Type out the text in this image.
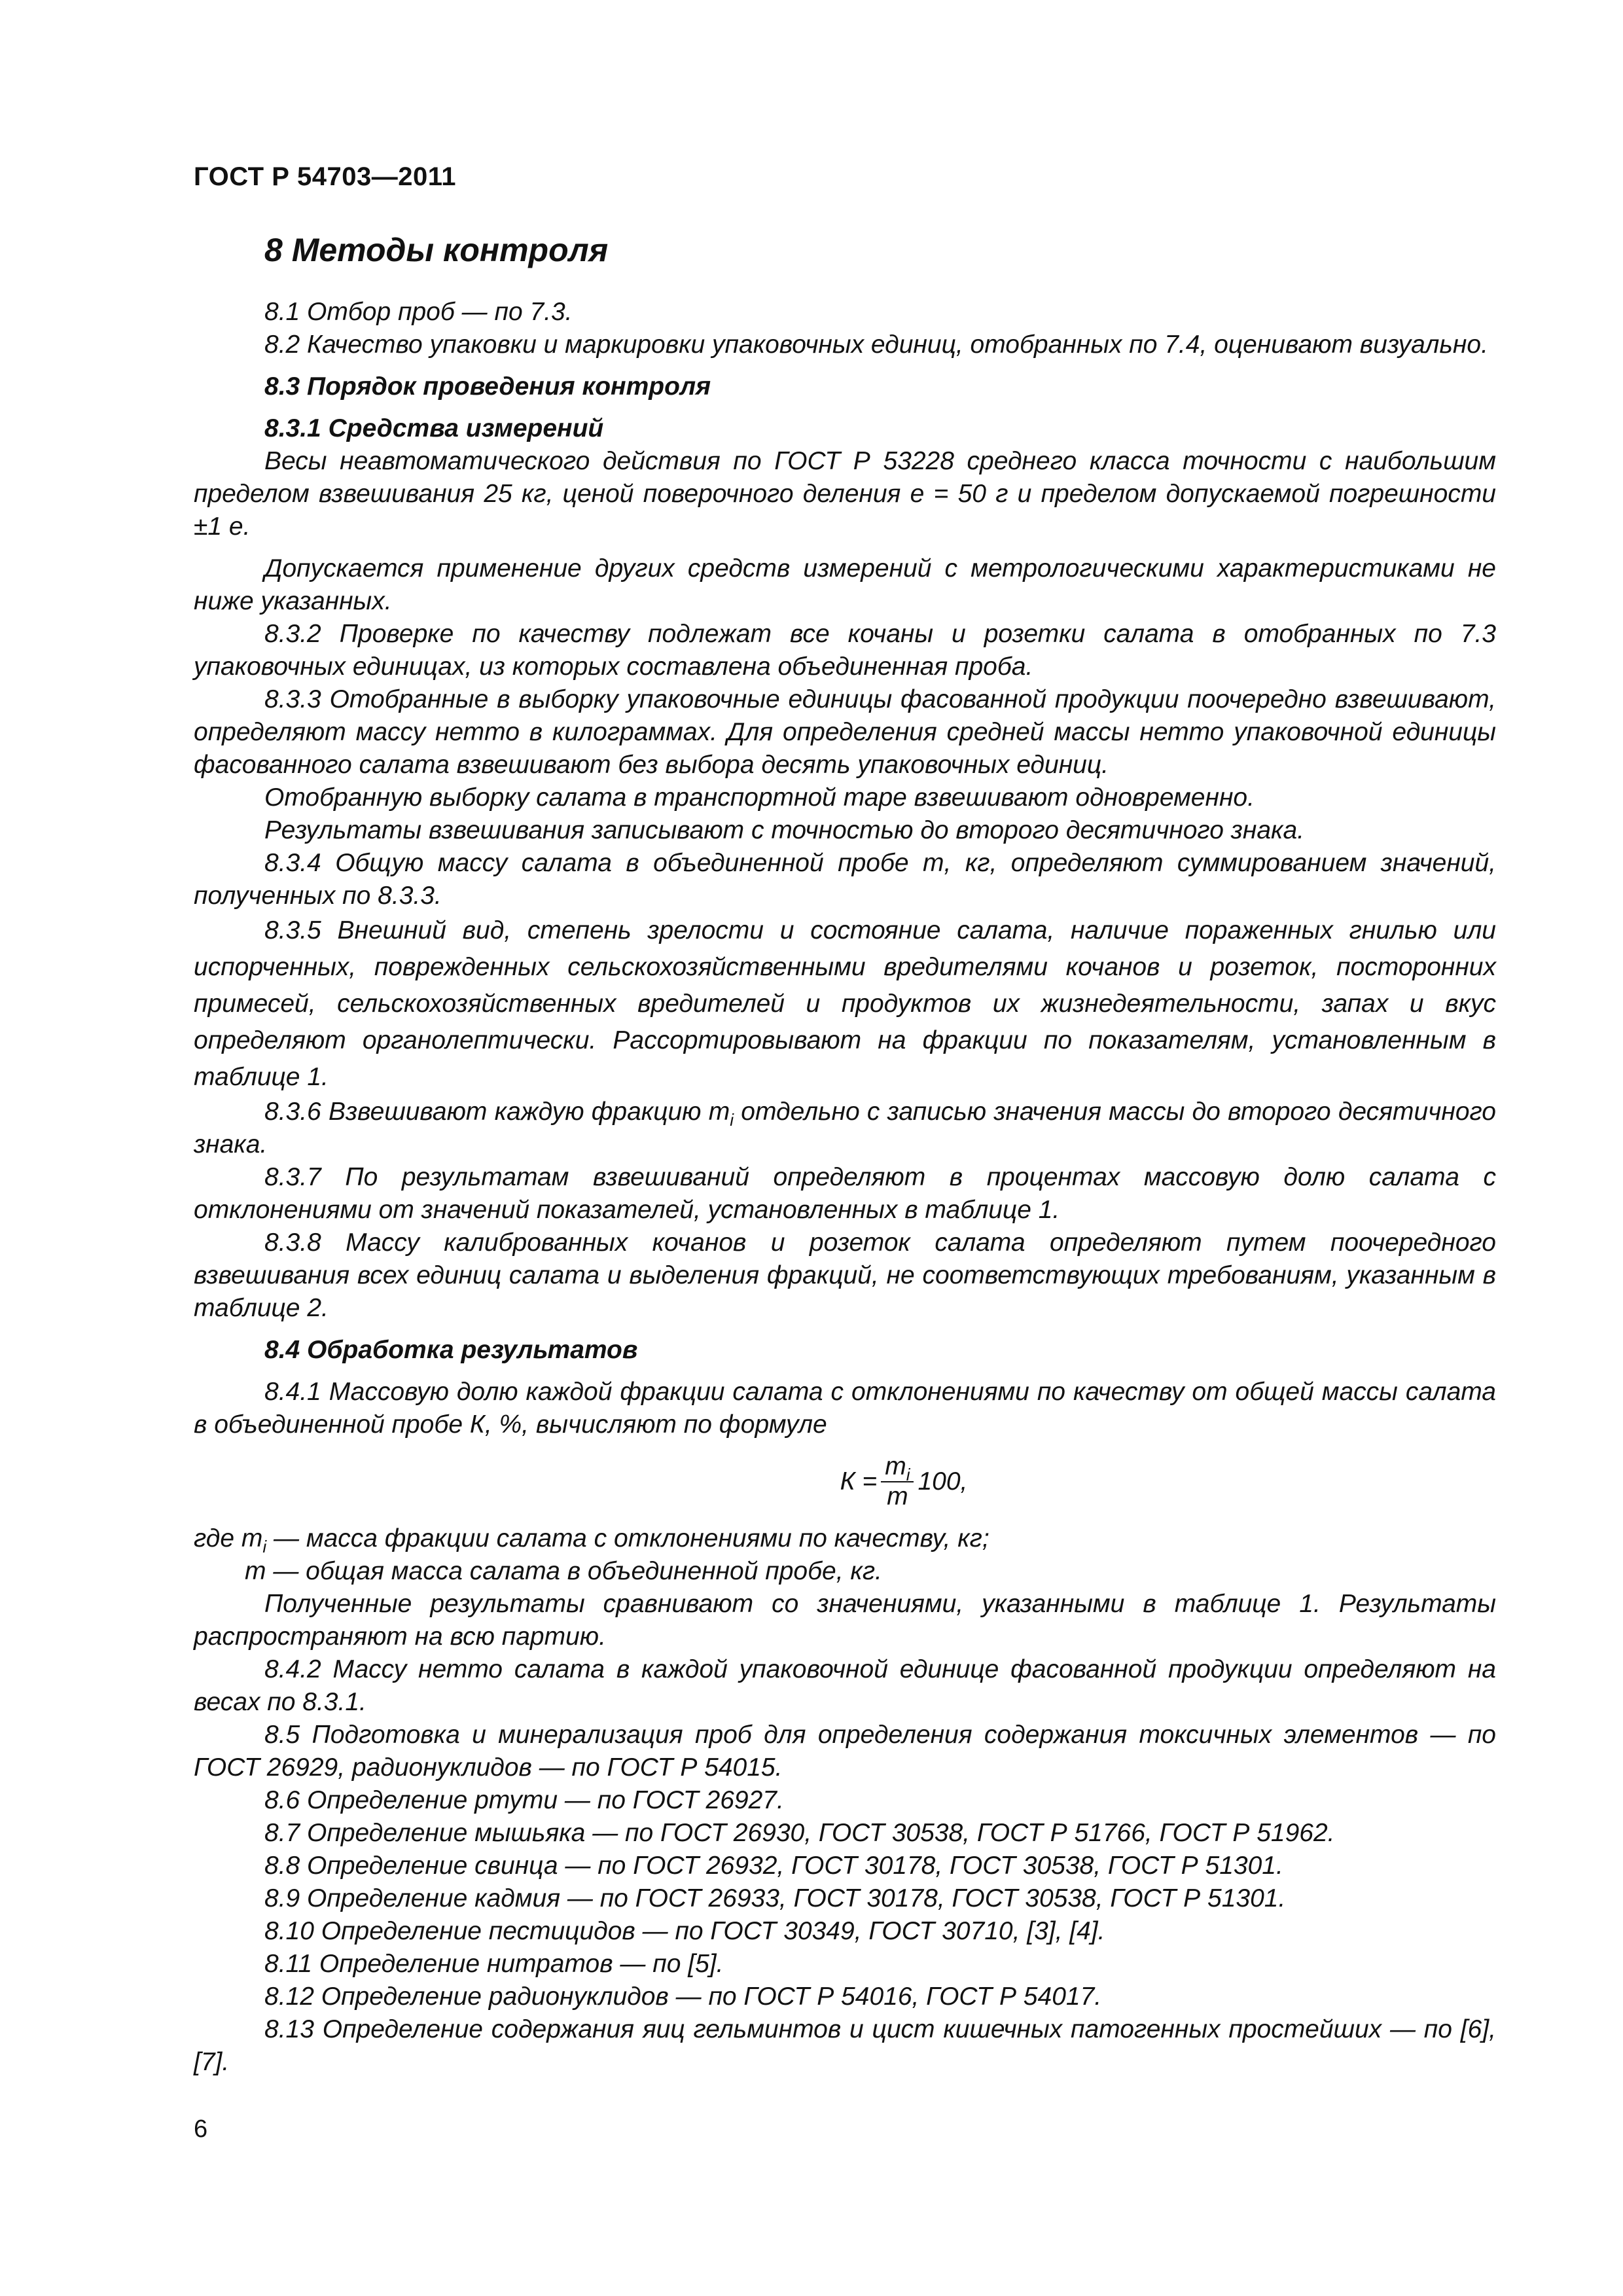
ГОСТ Р 54703—2011

8 Методы контроля

8.1 Отбор проб — по 7.3.

8.2 Качество упаковки и маркировки упаковочных единиц, отобранных по 7.4, оценивают визуально.

8.3 Порядок проведения контроля

8.3.1 Средства измерений

Весы неавтоматического действия по ГОСТ Р 53228 среднего класса точности с наибольшим пределом взвешивания 25 кг, ценой поверочного деления е = 50 г и пределом допускаемой погрешности ±1 е.

Допускается применение других средств измерений с метрологическими характеристиками не ниже указанных.

8.3.2 Проверке по качеству подлежат все кочаны и розетки салата в отобранных по 7.3 упаковочных единицах, из которых составлена объединенная проба.

8.3.3 Отобранные в выборку упаковочные единицы фасованной продукции поочередно взвешивают, определяют массу нетто в килограммах. Для определения средней массы нетто упаковочной единицы фасованного салата взвешивают без выбора десять упаковочных единиц.

Отобранную выборку салата в транспортной таре взвешивают одновременно.

Результаты взвешивания записывают с точностью до второго десятичного знака.

8.3.4 Общую массу салата в объединенной пробе m, кг, определяют суммированием значений, полученных по 8.3.3.

8.3.5 Внешний вид, степень зрелости и состояние салата, наличие пораженных гнилью или испорченных, поврежденных сельскохозяйственными вредителями кочанов и розеток, посторонних примесей, сельскохозяйственных вредителей и продуктов их жизнедеятельности, запах и вкус определяют органолептически. Рассортировывают на фракции по показателям, установленным в таблице 1.

8.3.6 Взвешивают каждую фракцию $m_i$ отдельно с записью значения массы до второго десятичного знака.

8.3.7 По результатам взвешиваний определяют в процентах массовую долю салата с отклонениями от значений показателей, установленных в таблице 1.

8.3.8 Массу калиброванных кочанов и розеток салата определяют путем поочередного взвешивания всех единиц салата и выделения фракций, не соответствующих требованиям, указанным в таблице 2.

8.4 Обработка результатов

8.4.1 Массовую долю каждой фракции салата с отклонениями по качеству от общей массы салата в объединенной пробе К, %, вычисляют по формуле

$К = \frac{m_i}{m} 100$,

где $m_i$ — масса фракции салата с отклонениями по качеству, кг;

m — общая масса салата в объединенной пробе, кг.

Полученные результаты сравнивают со значениями, указанными в таблице 1. Результаты распространяют на всю партию.

8.4.2 Массу нетто салата в каждой упаковочной единице фасованной продукции определяют на весах по 8.3.1.

8.5 Подготовка и минерализация проб для определения содержания токсичных элементов — по ГОСТ 26929, радионуклидов — по ГОСТ Р 54015.

8.6 Определение ртути — по ГОСТ 26927.

8.7 Определение мышьяка — по ГОСТ 26930, ГОСТ 30538, ГОСТ Р 51766, ГОСТ Р 51962.

8.8 Определение свинца — по ГОСТ 26932, ГОСТ 30178, ГОСТ 30538, ГОСТ Р 51301.

8.9 Определение кадмия — по ГОСТ 26933, ГОСТ 30178, ГОСТ 30538, ГОСТ Р 51301.

8.10 Определение пестицидов — по ГОСТ 30349, ГОСТ 30710, [3], [4].

8.11 Определение нитратов — по [5].

8.12 Определение радионуклидов — по ГОСТ Р 54016, ГОСТ Р 54017.

8.13 Определение содержания яиц гельминтов и цист кишечных патогенных простейших — по [6], [7].

6
